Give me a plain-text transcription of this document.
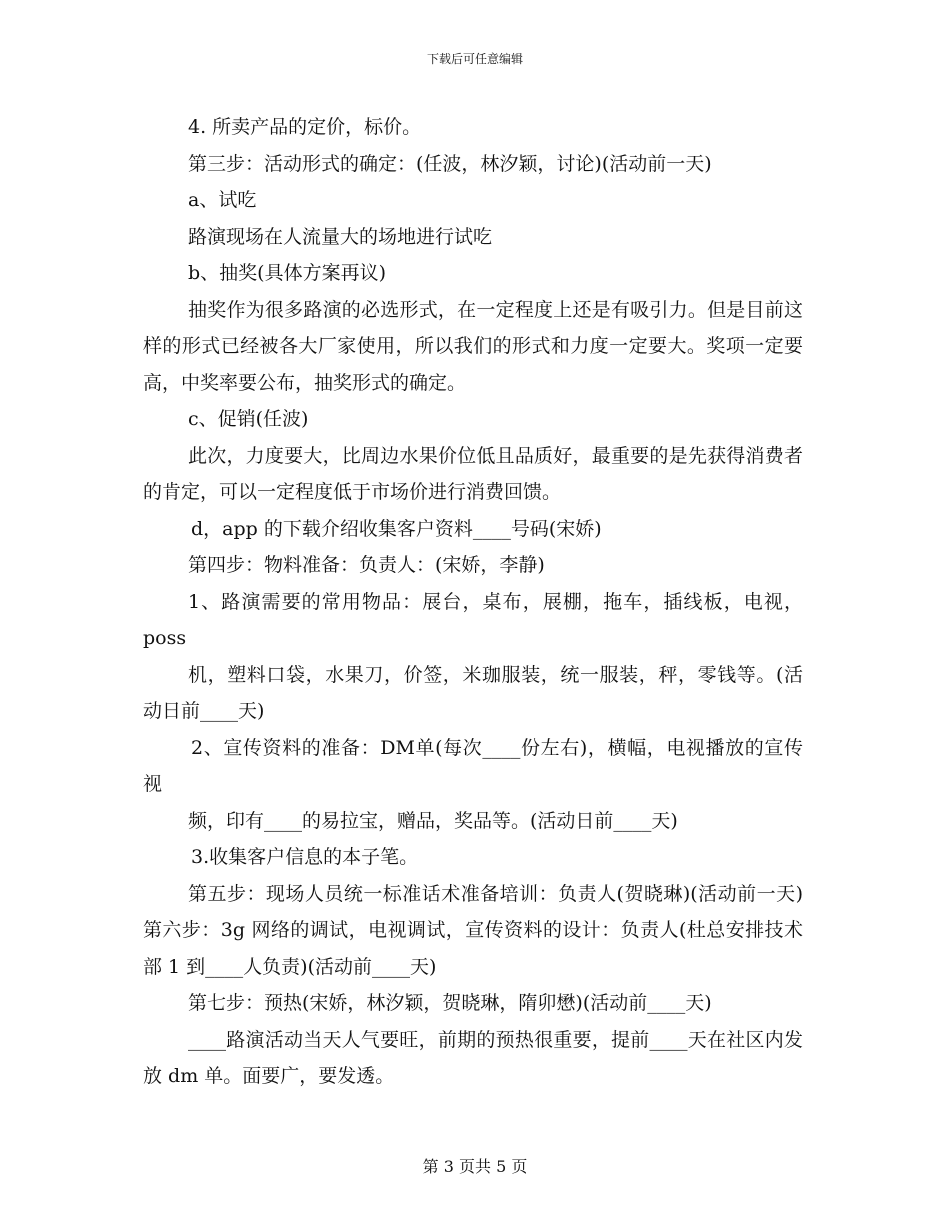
下载后可任意编辑

4. 所卖产品的定价，标价。

第三步：活动形式的确定：(任波，林汐颖，讨论)(活动前一天)

a、试吃

路演现场在人流量大的场地进行试吃

b、抽奖(具体方案再议)

抽奖作为很多路演的必选形式，在一定程度上还是有吸引力。但是目前这样的形式已经被各大厂家使用，所以我们的形式和力度一定要大。奖项一定要高，中奖率要公布，抽奖形式的确定。

c、促销(任波)

此次，力度要大，比周边水果价位低且品质好，最重要的是先获得消费者的肯定，可以一定程度低于市场价进行消费回馈。

d，app 的下载介绍收集客户资料____号码(宋娇)

第四步：物料准备：负责人：(宋娇，李静)

1、路演需要的常用物品：展台，桌布，展棚，拖车，插线板，电视，poss

机，塑料口袋，水果刀，价签，米珈服装，统一服装，秤，零钱等。(活动日前____天)

2、宣传资料的准备：DM单(每次____份左右)，横幅，电视播放的宣传视

频，印有____的易拉宝，赠品，奖品等。(活动日前____天)

3.收集客户信息的本子笔。

第五步：现场人员统一标准话术准备培训：负责人(贺晓琳)(活动前一天)第六步：3g 网络的调试，电视调试，宣传资料的设计：负责人(杜总安排技术部 1 到____人负责)(活动前____天)

第七步：预热(宋娇，林汐颖，贺晓琳，隋卯懋)(活动前____天)

____路演活动当天人气要旺，前期的预热很重要，提前____天在社区内发放 dm 单。面要广，要发透。

第 3 页共 5 页
